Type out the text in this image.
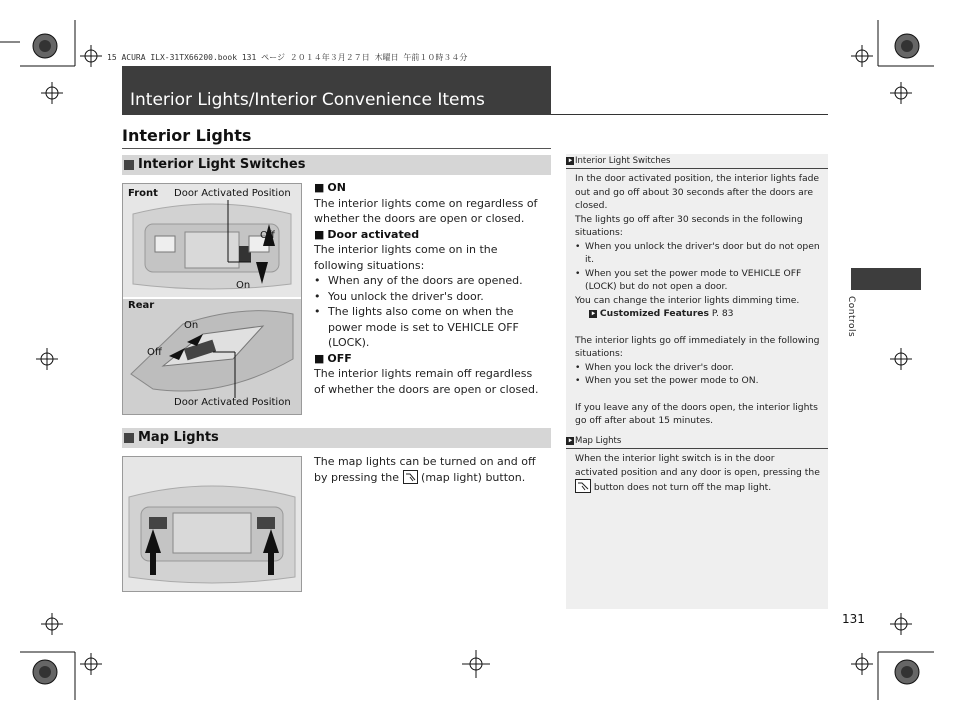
15 ACURA ILX-31TX66200.book 131 ページ ２０１４年３月２７日 木曜日 午前１０時３４分
Interior Lights/Interior Convenience Items
Interior Lights
Interior Light Switches
Front Door Activated Position
Off
On
Rear
On
Off
Door Activated Position
■ ON
The interior lights come on regardless of whether the doors are open or closed.
■ Door activated
The interior lights come on in the following situations:
• When any of the doors are opened.
• You unlock the driver's door.
• The lights also come on when the power mode is set to VEHICLE OFF (LOCK).
■ OFF
The interior lights remain off regardless of whether the doors are open or closed.
Map Lights
The map lights can be turned on and off by pressing the (map light) button.
⯈ Interior Light Switches
In the door activated position, the interior lights fade out and go off about 30 seconds after the doors are closed.
The lights go off after 30 seconds in the following situations:
• When you unlock the driver's door but do not open it.
• When you set the power mode to VEHICLE OFF (LOCK) but do not open a door.
You can change the interior lights dimming time.
⯈ Customized Features P. 83
The interior lights go off immediately in the following situations:
• When you lock the driver's door.
• When you set the power mode to ON.
If you leave any of the doors open, the interior lights go off after about 15 minutes.
⯈ Map Lights
When the interior light switch is in the door activated position and any door is open, pressing the
button does not turn off the map light.
Controls
131
